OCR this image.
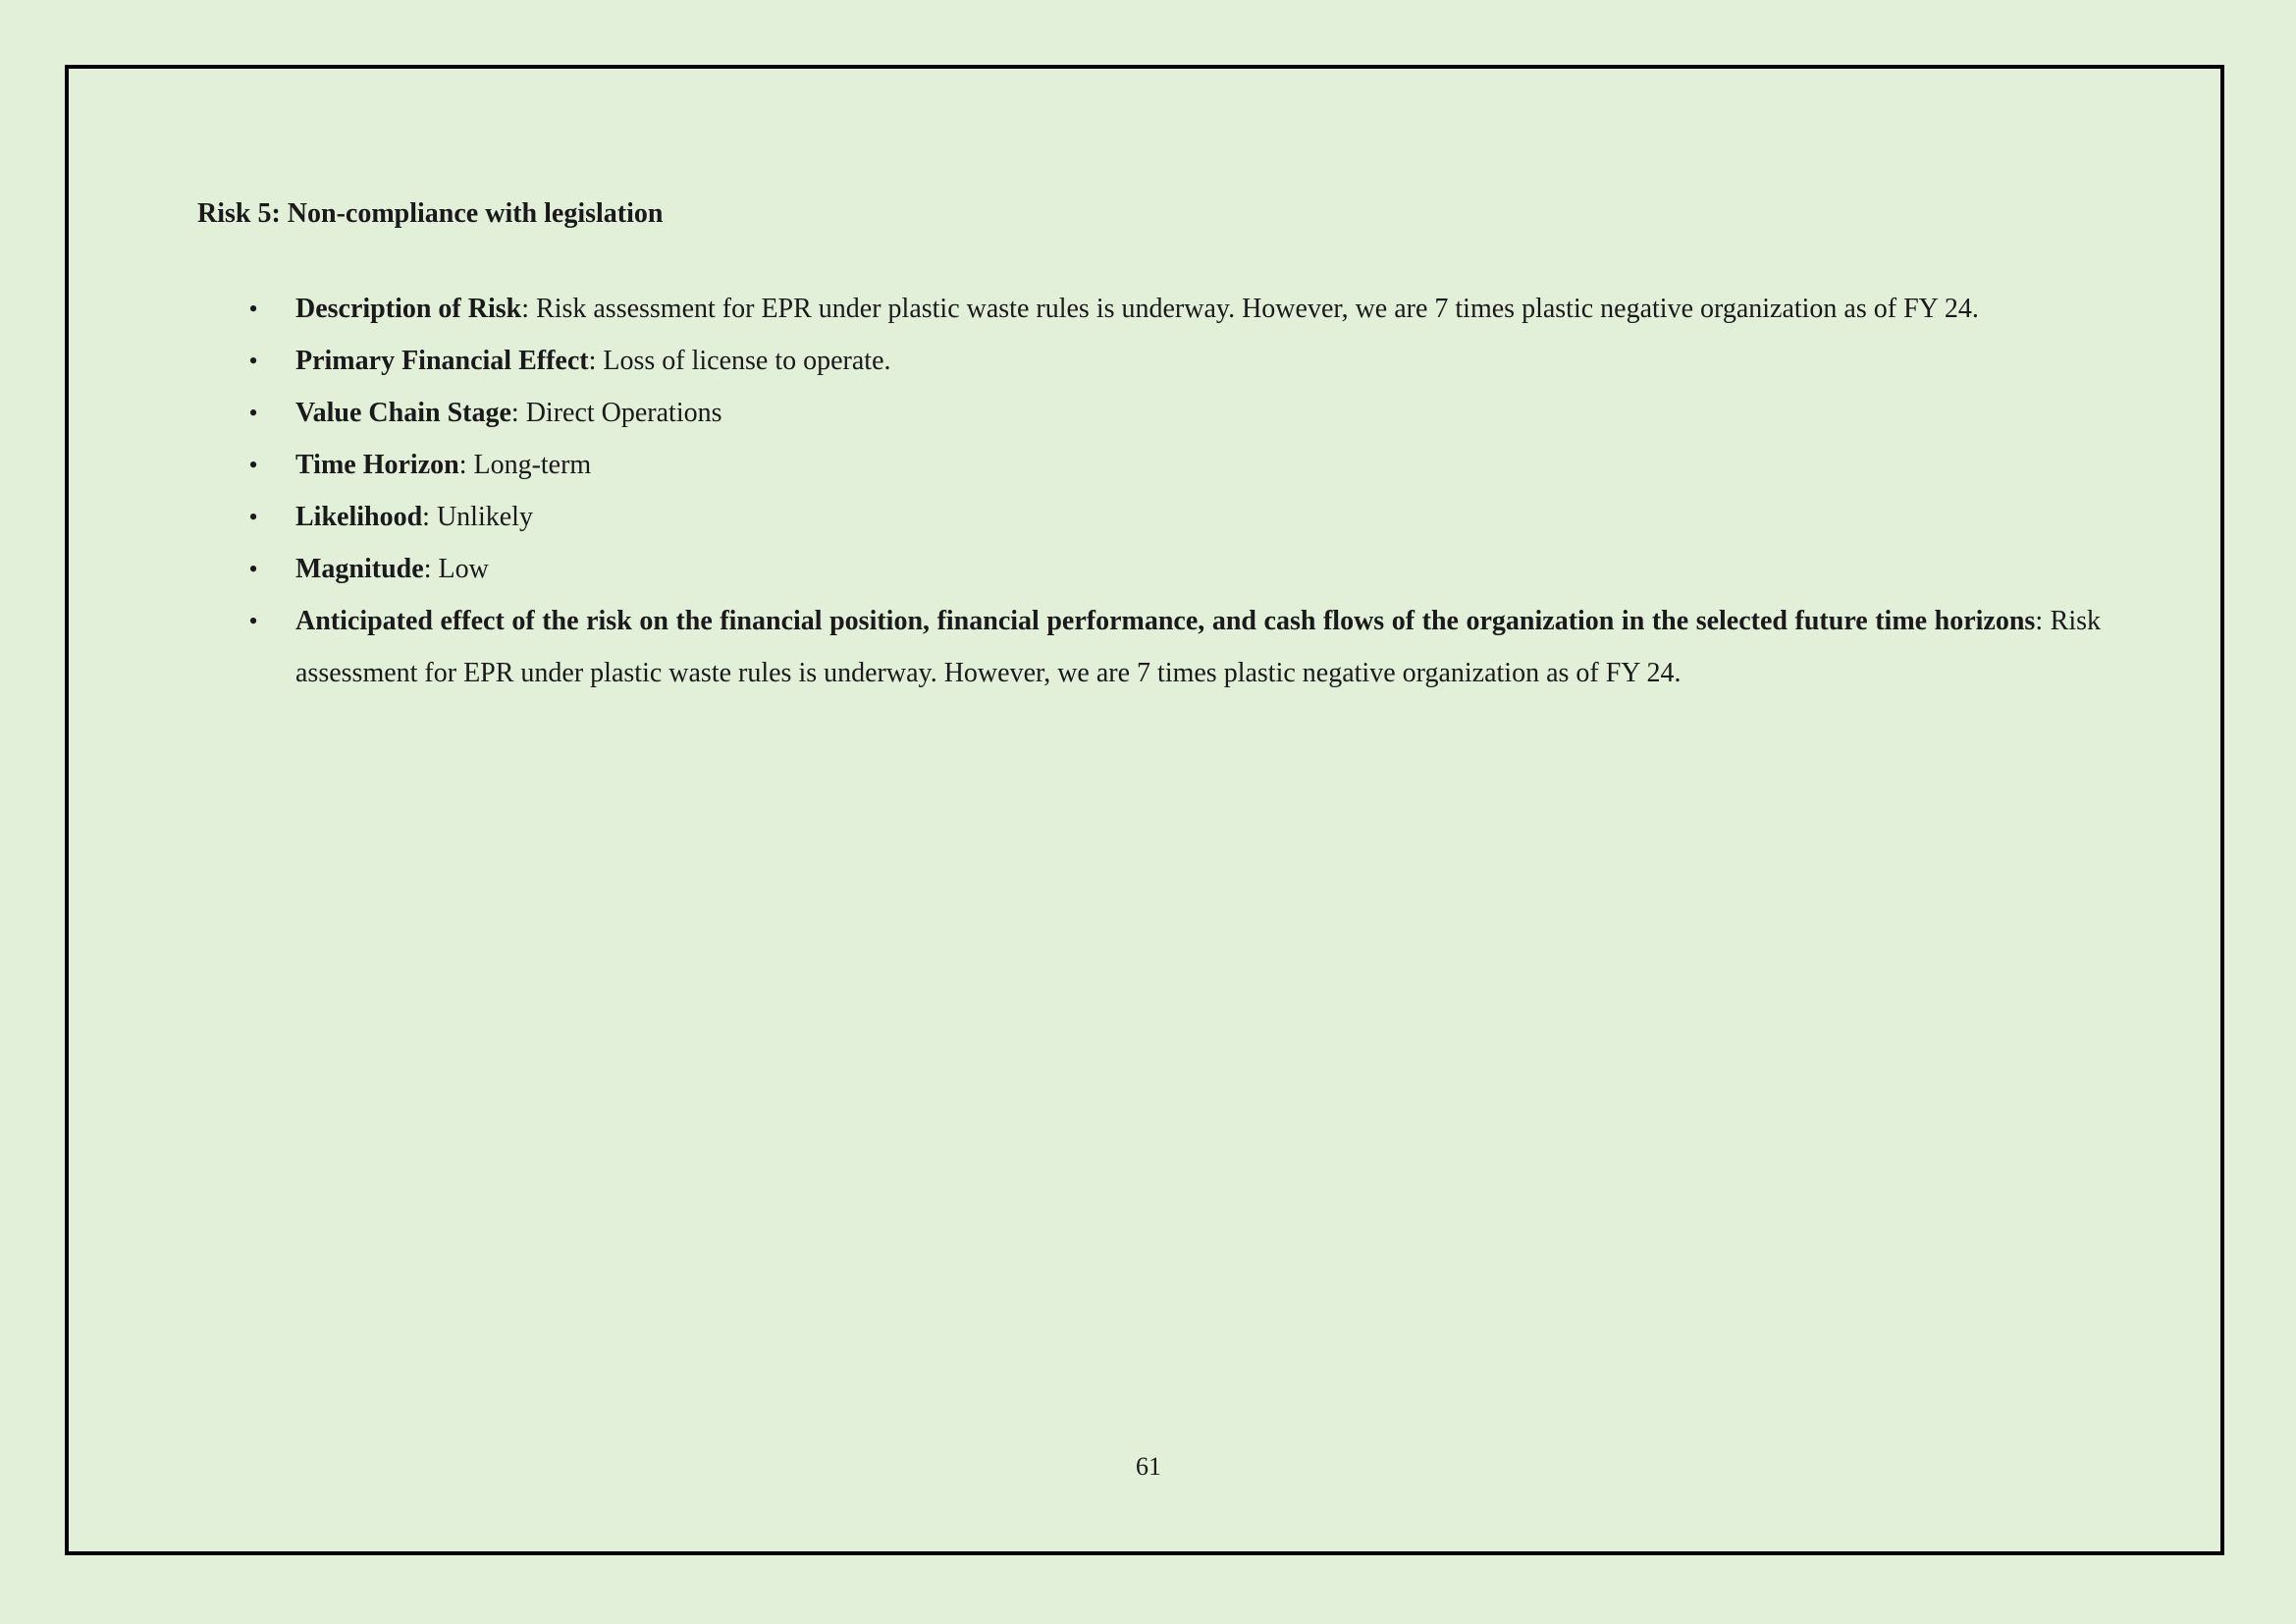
Risk 5: Non-compliance with legislation
• Description of Risk: Risk assessment for EPR under plastic waste rules is underway. However, we are 7 times plastic negative organization as of FY 24.
• Primary Financial Effect: Loss of license to operate.
• Value Chain Stage: Direct Operations
• Time Horizon: Long-term
• Likelihood: Unlikely
• Magnitude: Low
• Anticipated effect of the risk on the financial position, financial performance, and cash flows of the organization in the selected future time horizons: Risk assessment for EPR under plastic waste rules is underway. However, we are 7 times plastic negative organization as of FY 24.
61
